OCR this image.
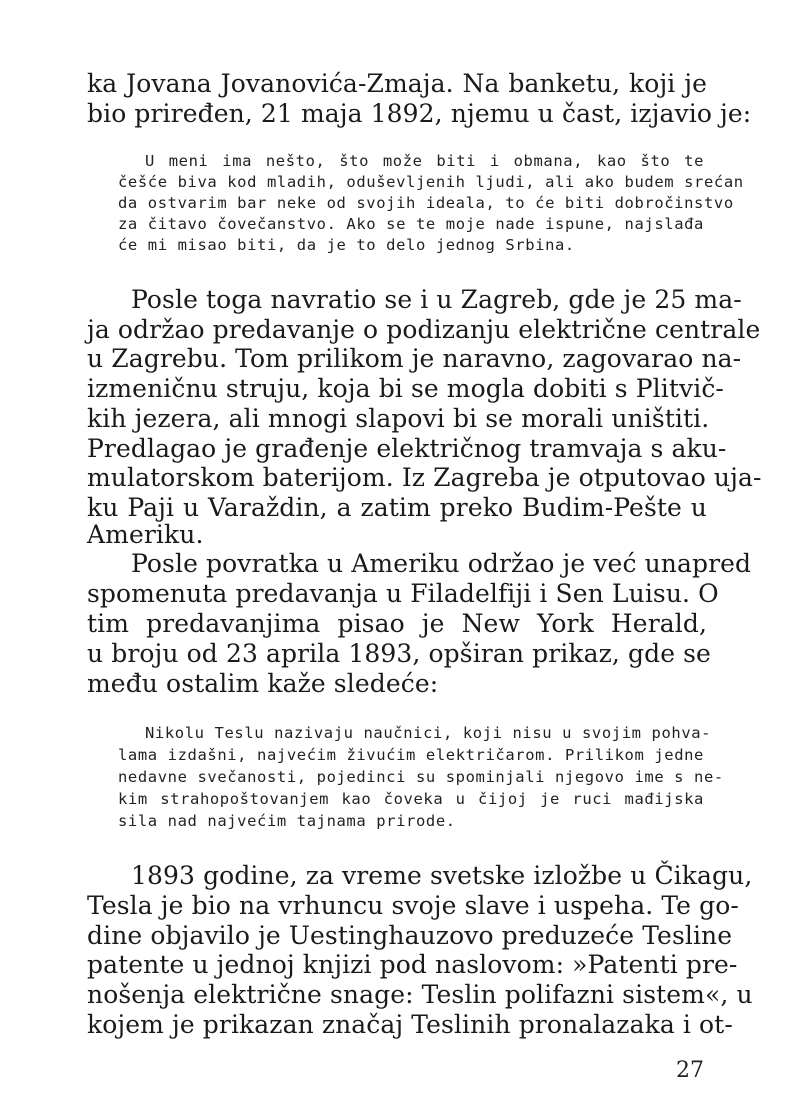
ka Jovana Jovanovića-Zmaja. Na banketu, koji je

bio priređen, 21 maja 1892, njemu u čast, izjavio je:

U meni ima nešto, što može biti i obmana, kao što te

češće biva kod mladih, oduševljenih ljudi, ali ako budem srećan

da ostvarim bar neke od svojih ideala, to će biti dobročinstvo

za čitavo čovečanstvo. Ako se te moje nade ispune, najslađa

će mi misao biti, da je to delo jednog Srbina.

Posle toga navratio se i u Zagreb, gde je 25 ma-

ja održao predavanje o podizanju električne centrale

u Zagrebu. Tom prilikom je naravno, zagovarao na-

izmeničnu struju, koja bi se mogla dobiti s Plitvič-

kih jezera, ali mnogi slapovi bi se morali uništiti.

Predlagao je građenje električnog tramvaja s aku-

mulatorskom baterijom. Iz Zagreba je otputovao uja-

ku Paji u Varaždin, a zatim preko Budim-Pešte u

Ameriku.

Posle povratka u Ameriku održao je već unapred

spomenuta predavanja u Filadelfiji i Sen Luisu. O

tim predavanjima pisao je New York Herald,

u broju od 23 aprila 1893, opširan prikaz, gde se

među ostalim kaže sledeće:

Nikolu Teslu nazivaju naučnici, koji nisu u svojim pohva-

lama izdašni, najvećim živućim električarom. Prilikom jedne

nedavne svečanosti, pojedinci su spominjali njegovo ime s ne-

kim strahopoštovanjem kao čoveka u čijoj je ruci mađijska

sila nad najvećim tajnama prirode.

1893 godine, za vreme svetske izložbe u Čikagu,

Tesla je bio na vrhuncu svoje slave i uspeha. Te go-

dine objavilo je Uestinghauzovo preduzeće Tesline

patente u jednoj knjizi pod naslovom: »Patenti pre-

nošenja električne snage: Teslin polifazni sistem«, u

kojem je prikazan značaj Teslinih pronalazaka i ot-

27
